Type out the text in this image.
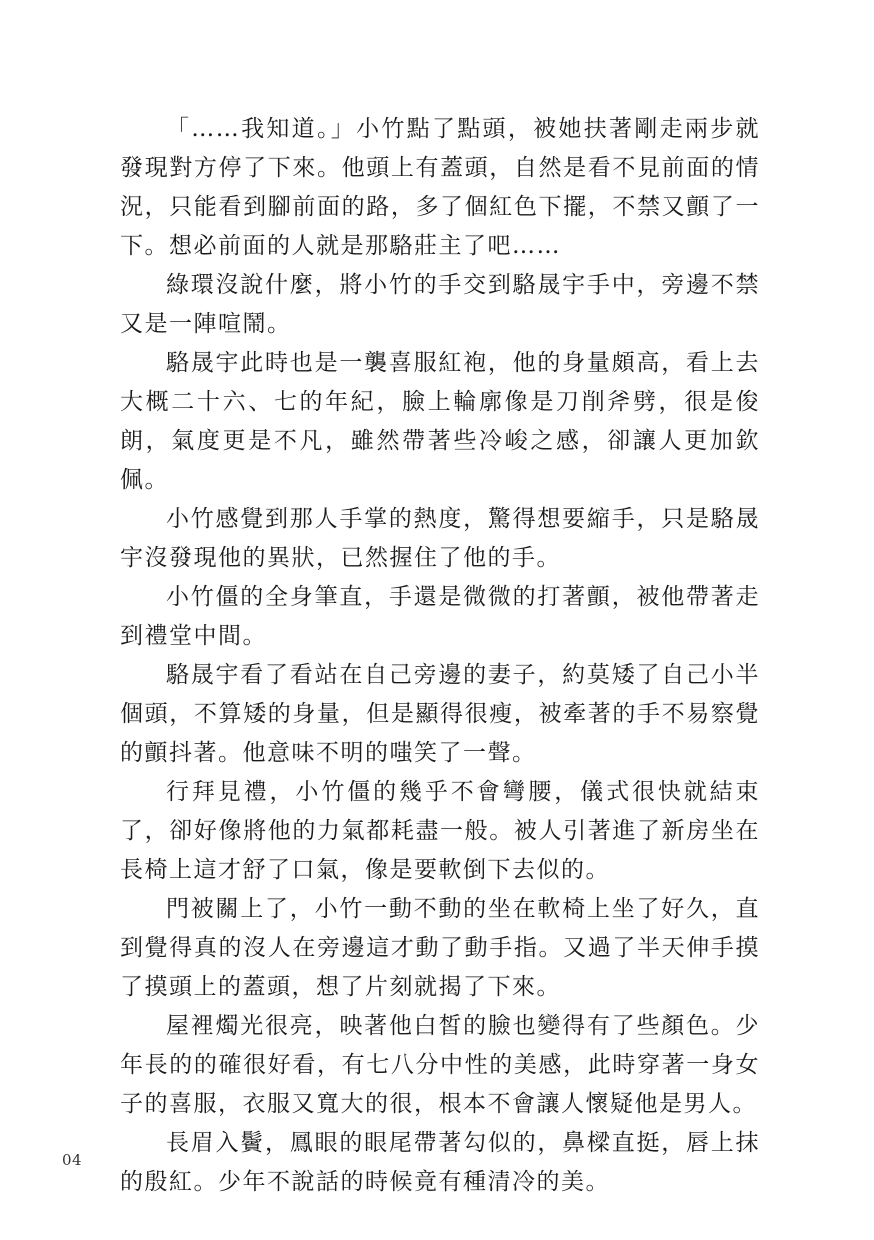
「……我知道。」小竹點了點頭，被她扶著剛走兩步就發現對方停了下來。他頭上有蓋頭，自然是看不見前面的情況，只能看到腳前面的路，多了個紅色下擺，不禁又顫了一下。想必前面的人就是那駱莊主了吧……

綠環沒說什麼，將小竹的手交到駱晟宇手中，旁邊不禁又是一陣喧鬧。

駱晟宇此時也是一襲喜服紅袍，他的身量頗高，看上去大概二十六、七的年紀，臉上輪廓像是刀削斧劈，很是俊朗，氣度更是不凡，雖然帶著些冷峻之感，卻讓人更加欽佩。

小竹感覺到那人手掌的熱度，驚得想要縮手，只是駱晟宇沒發現他的異狀，已然握住了他的手。

小竹僵的全身筆直，手還是微微的打著顫，被他帶著走到禮堂中間。

駱晟宇看了看站在自己旁邊的妻子，約莫矮了自己小半個頭，不算矮的身量，但是顯得很瘦，被牽著的手不易察覺的顫抖著。他意味不明的嗤笑了一聲。

行拜見禮，小竹僵的幾乎不會彎腰，儀式很快就結束了，卻好像將他的力氣都耗盡一般。被人引著進了新房坐在長椅上這才舒了口氣，像是要軟倒下去似的。

門被關上了，小竹一動不動的坐在軟椅上坐了好久，直到覺得真的沒人在旁邊這才動了動手指。又過了半天伸手摸了摸頭上的蓋頭，想了片刻就揭了下來。

屋裡燭光很亮，映著他白皙的臉也變得有了些顏色。少年長的的確很好看，有七八分中性的美感，此時穿著一身女子的喜服，衣服又寬大的很，根本不會讓人懷疑他是男人。

長眉入鬢，鳳眼的眼尾帶著勾似的，鼻樑直挺，唇上抹的殷紅。少年不說話的時候竟有種清冷的美。

04
